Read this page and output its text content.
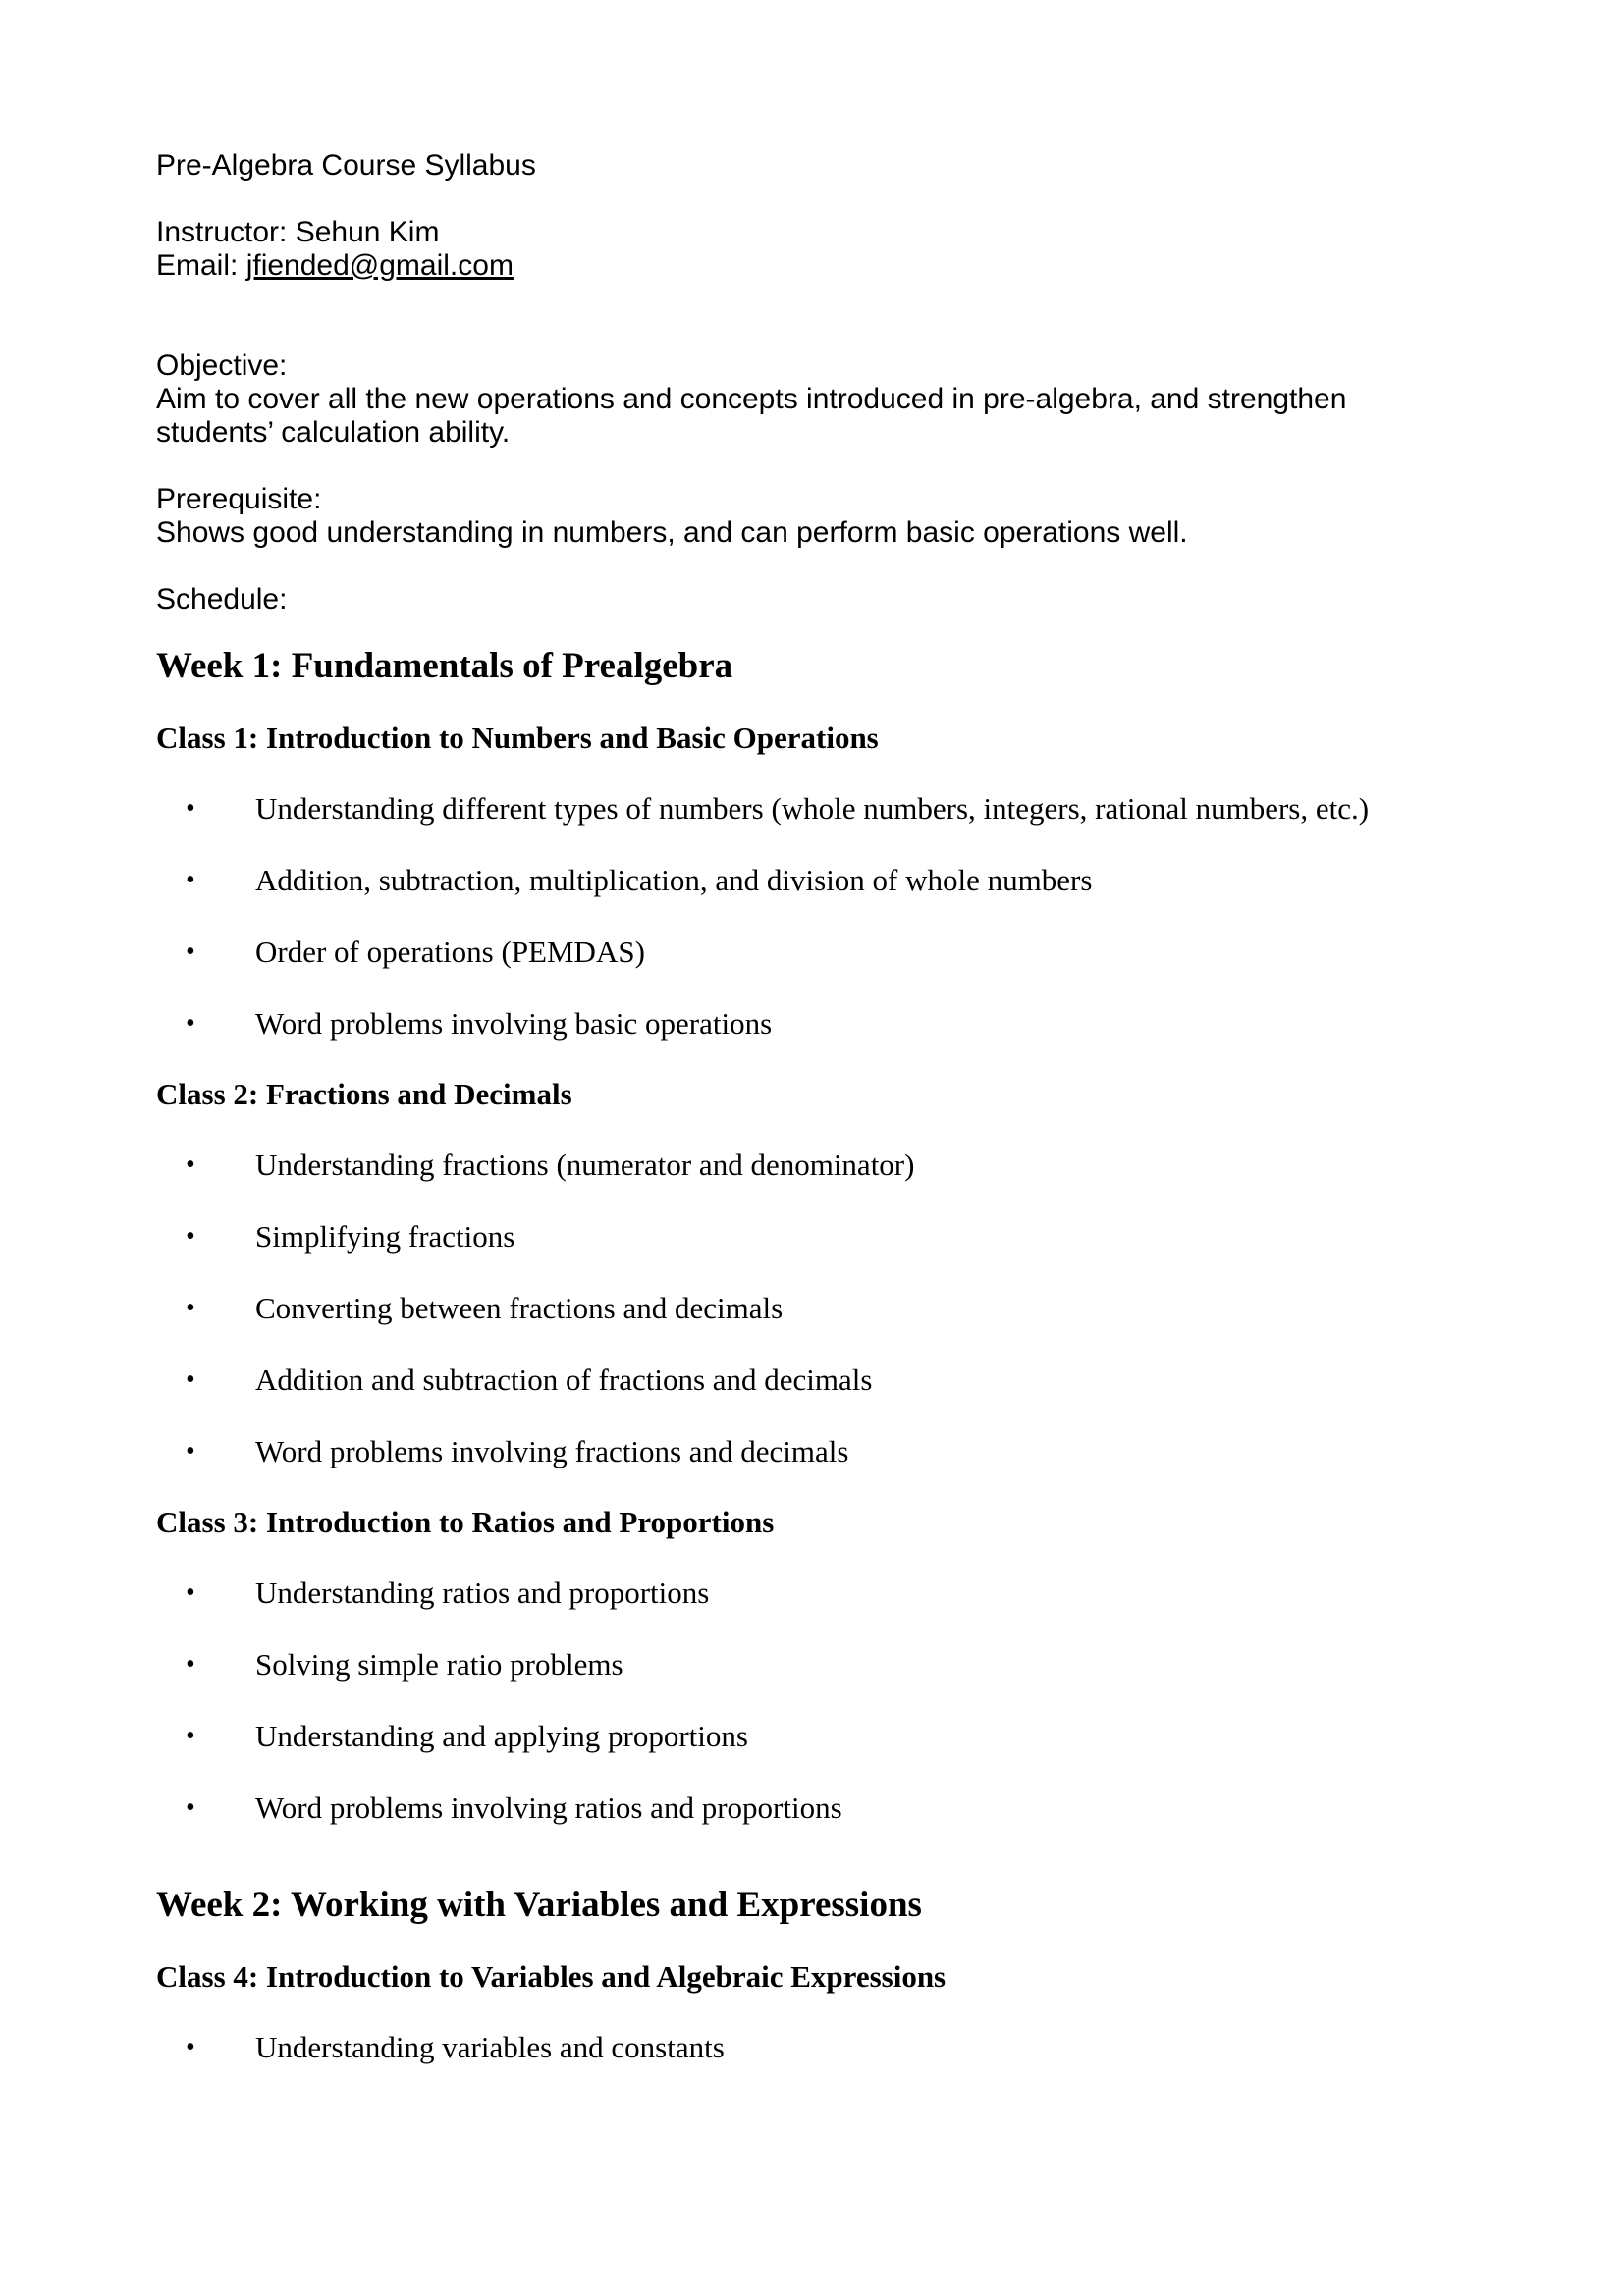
Pre-Algebra Course Syllabus
Instructor: Sehun Kim
Email: jfiended@gmail.com
Objective:
Aim to cover all the new operations and concepts introduced in pre-algebra, and strengthen students’ calculation ability.
Prerequisite:
Shows good understanding in numbers, and can perform basic operations well.
Schedule:
Week 1: Fundamentals of Prealgebra
Class 1: Introduction to Numbers and Basic Operations
• Understanding different types of numbers (whole numbers, integers, rational numbers, etc.)
• Addition, subtraction, multiplication, and division of whole numbers
• Order of operations (PEMDAS)
• Word problems involving basic operations
Class 2: Fractions and Decimals
• Understanding fractions (numerator and denominator)
• Simplifying fractions
• Converting between fractions and decimals
• Addition and subtraction of fractions and decimals
• Word problems involving fractions and decimals
Class 3: Introduction to Ratios and Proportions
• Understanding ratios and proportions
• Solving simple ratio problems
• Understanding and applying proportions
• Word problems involving ratios and proportions
Week 2: Working with Variables and Expressions
Class 4: Introduction to Variables and Algebraic Expressions
• Understanding variables and constants
